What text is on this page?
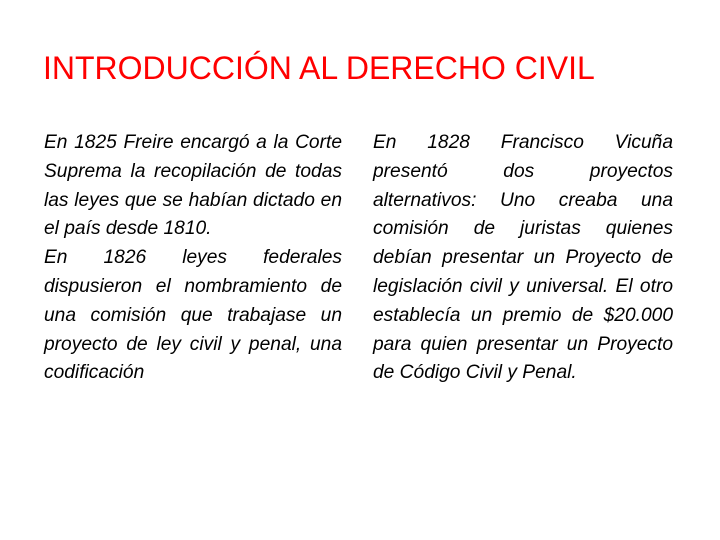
INTRODUCCIÓN AL DERECHO CIVIL

En 1825 Freire encargó a la Corte Suprema la recopilación de todas las leyes que se habían dictado en el país desde 1810.

En 1826 leyes federales dispusieron el nombramiento de una comisión que trabajase un proyecto de ley civil y penal, una codificación

En 1828 Francisco Vicuña presentó dos proyectos alternativos: Uno creaba una comisión de juristas quienes debían presentar un Proyecto de legislación civil y universal. El otro establecía un premio de $20.000 para quien presentar un Proyecto de Código Civil y Penal.
